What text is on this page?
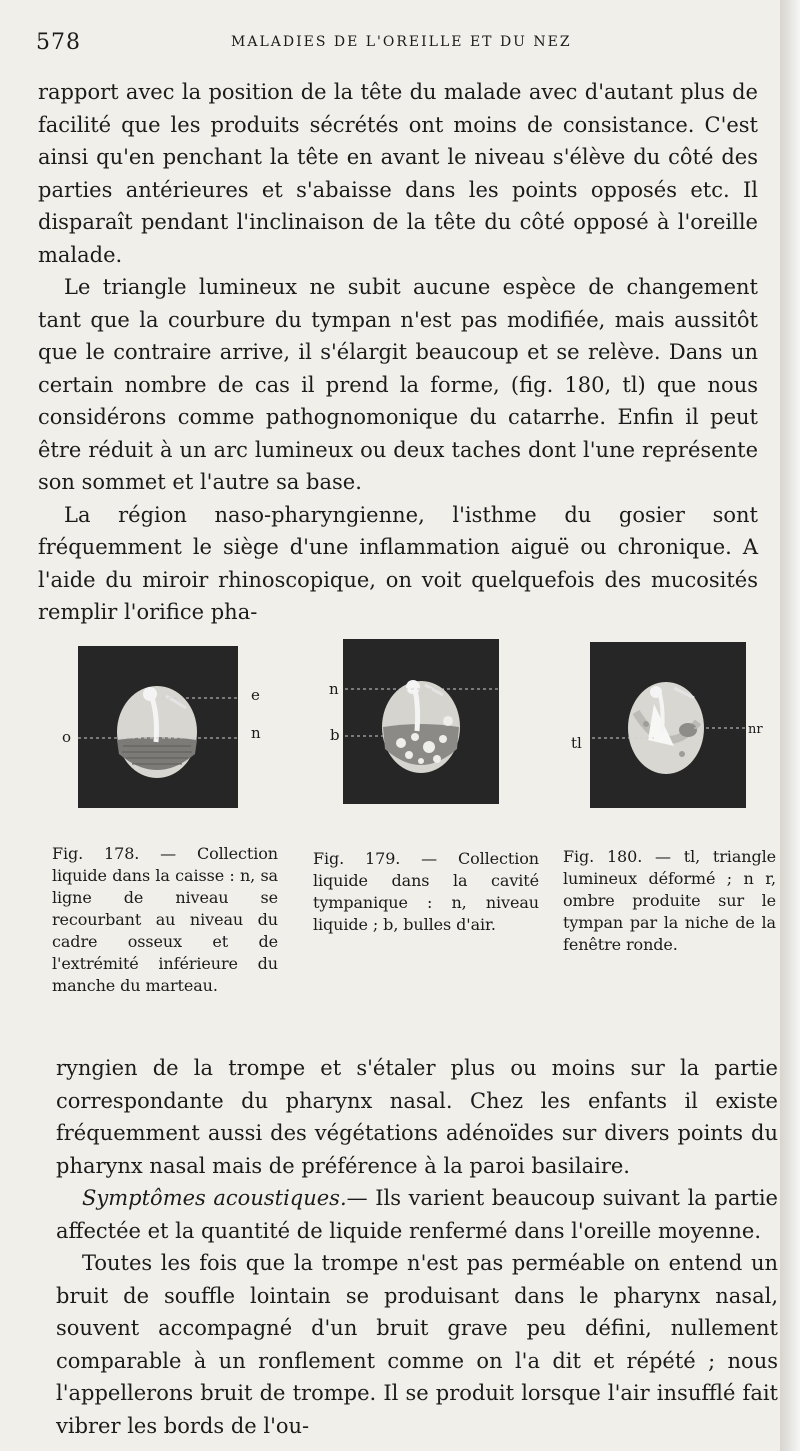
578	MALADIES DE L'OREILLE ET DU NEZ

rapport avec la position de la tête du malade avec d'autant plus de facilité que les produits sécrétés ont moins de consistance. C'est ainsi qu'en penchant la tête en avant le niveau s'élève du côté des parties antérieures et s'abaisse dans les points opposés etc. Il disparaît pendant l'inclinaison de la tête du côté opposé à l'oreille malade.

Le triangle lumineux ne subit aucune espèce de changement tant que la courbure du tympan n'est pas modifiée, mais aussitôt que le contraire arrive, il s'élargit beaucoup et se relève. Dans un certain nombre de cas il prend la forme, (fig. 180, tl) que nous considérons comme pathognomonique du catarrhe. Enfin il peut être réduit à un arc lumineux ou deux taches dont l'une représente son sommet et l'autre sa base.

La région naso-pharyngienne, l'isthme du gosier sont fréquemment le siège d'une inflammation aiguë ou chronique. A l'aide du miroir rhinoscopique, on voit quelquefois des mucosités remplir l'orifice pha-

e
o	n
n
b	tl
nr
Fig. 178. — Collection liquide dans la caisse : n, sa ligne de niveau se recourbant au niveau du cadre osseux et de l'extrémité inférieure du manche du marteau.
Fig. 179. — Collection liquide dans la cavité tympanique : n, niveau liquide ; b, bulles d'air.
Fig. 180. — tl, triangle lumineux déformé ; n r, ombre produite sur le tympan par la niche de la fenêtre ronde.

ryngien de la trompe et s'étaler plus ou moins sur la partie correspondante du pharynx nasal. Chez les enfants il existe fréquemment aussi des végétations adénoïdes sur divers points du pharynx nasal mais de préférence à la paroi basilaire.

Symptômes acoustiques.— Ils varient beaucoup suivant la partie affectée et la quantité de liquide renfermé dans l'oreille moyenne.

Toutes les fois que la trompe n'est pas perméable on entend un bruit de souffle lointain se produisant dans le pharynx nasal, souvent accompagné d'un bruit grave peu défini, nullement comparable à un ronflement comme on l'a dit et répété ; nous l'appellerons bruit de trompe. Il se produit lorsque l'air insufflé fait vibrer les bords de l'ou-
